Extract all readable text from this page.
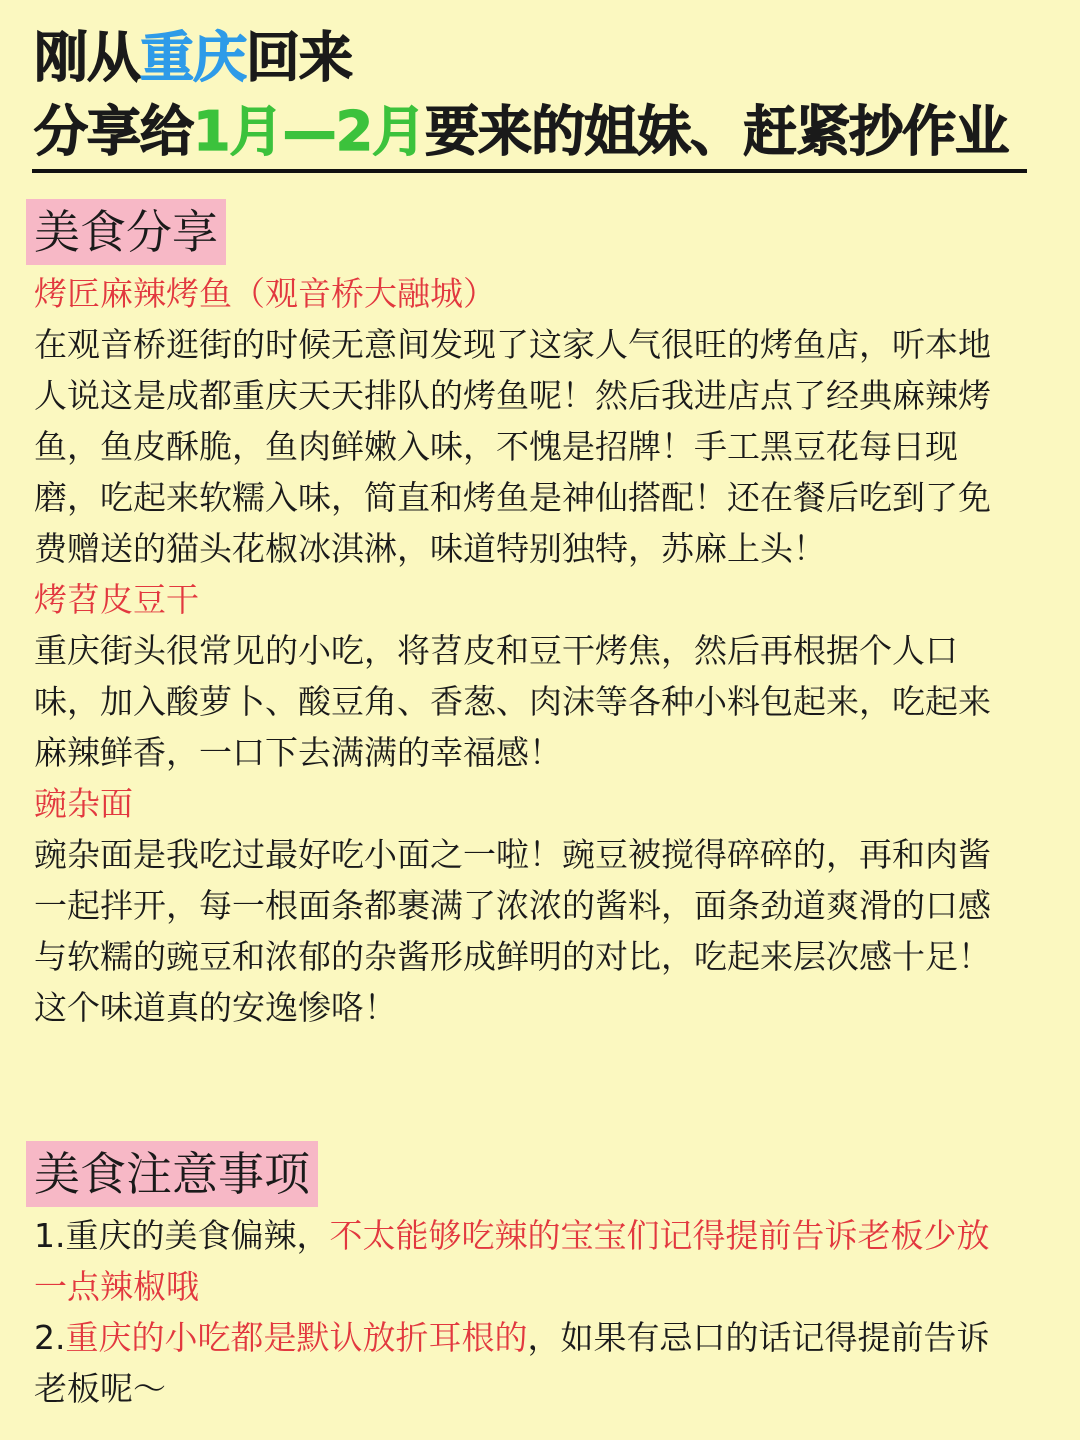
刚从重庆回来
分享给1月—2月要来的姐妹、赶紧抄作业
美食分享

烤匠麻辣烤鱼（观音桥大融城）

在观音桥逛街的时候无意间发现了这家人气很旺的烤鱼店，听本地人说这是成都重庆天天排队的烤鱼呢！然后我进店点了经典麻辣烤鱼，鱼皮酥脆，鱼肉鲜嫩入味，不愧是招牌！手工黑豆花每日现磨，吃起来软糯入味，简直和烤鱼是神仙搭配！还在餐后吃到了免费赠送的猫头花椒冰淇淋，味道特别独特，苏麻上头！

烤苕皮豆干

重庆街头很常见的小吃，将苕皮和豆干烤焦，然后再根据个人口味，加入酸萝卜、酸豆角、香葱、肉沫等各种小料包起来，吃起来麻辣鲜香，一口下去满满的幸福感！

豌杂面

豌杂面是我吃过最好吃小面之一啦！豌豆被搅得碎碎的，再和肉酱一起拌开，每一根面条都裹满了浓浓的酱料，面条劲道爽滑的口感与软糯的豌豆和浓郁的杂酱形成鲜明的对比，吃起来层次感十足！这个味道真的安逸惨咯！

美食注意事项

1.重庆的美食偏辣，不太能够吃辣的宝宝们记得提前告诉老板少放一点辣椒哦

2.重庆的小吃都是默认放折耳根的，如果有忌口的话记得提前告诉老板呢～
